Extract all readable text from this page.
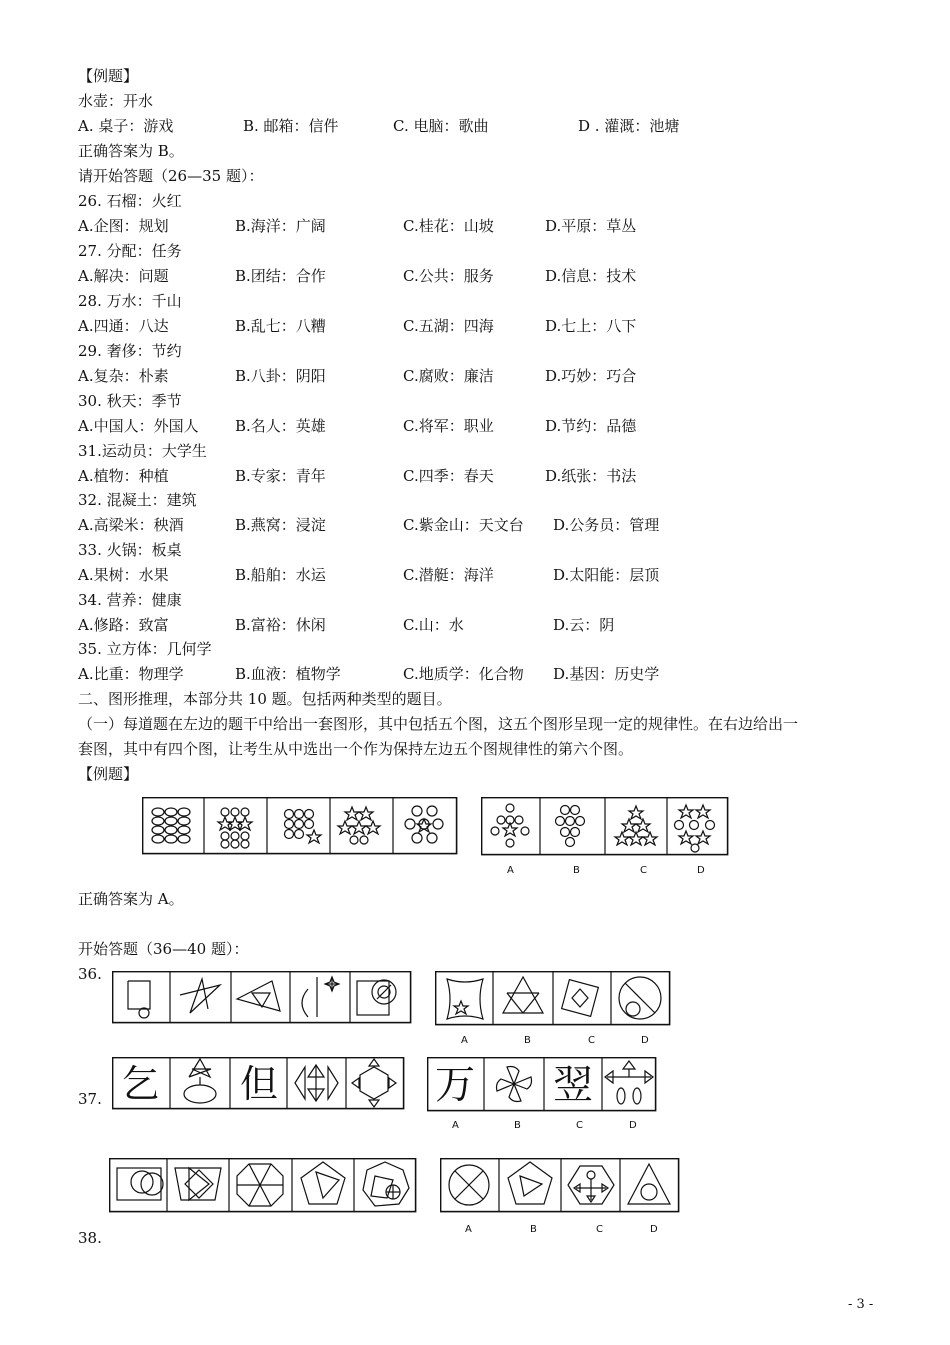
【例题】
水壶：开水
A. 桌子：游戏	B. 邮箱：信件	C. 电脑：歌曲	D . 灌溉：池塘
正确答案为 B。
请开始答题（26—35 题）：
26. 石榴：火红
A.企图：规划	B.海洋：广阔	C.桂花：山坡	D.平原：草丛
27. 分配：任务
A.解决：问题	B.团结：合作	C.公共：服务	D.信息：技术
28. 万水：千山
A.四通：八达	B.乱七：八糟	C.五湖：四海	D.七上：八下
29. 奢侈：节约
A.复杂：朴素	B.八卦：阴阳	C.腐败：廉洁	D.巧妙：巧合
30. 秋天：季节
A.中国人：外国人 B.名人：英雄	C.将军：职业	D.节约：品德
31.运动员：大学生
A.植物：种植	B.专家：青年	C.四季：春天	D.纸张：书法
32. 混凝土：建筑
A.高梁米：秧酒	B.燕窝：浸淀	C.紫金山：天文台 D.公务员：管理
33. 火锅：板桌
A.果树：水果	B.船舶：水运	C.潜艇：海洋	D.太阳能：层顶
34. 营养：健康
A.修路：致富	B.富裕：休闲	C.山：水	D.云：阴
35. 立方体：几何学
A.比重：物理学	B.血液：植物学	C.地质学：化合物 D.基因：历史学
二、图形推理，本部分共 10 题。包括两种类型的题目。
（一）每道题在左边的题干中给出一套图形，其中包括五个图，这五个图形呈现一定的规律性。在右边给出一
套图，其中有四个图，让考生从中选出一个作为保持左边五个图规律性的第六个图。
【例题】
A	B	C	D
正确答案为 A。
开始答题（36—40 题）：
36.
A	B	C	D
37. 乞 但	万 翌
A	B	C	D
A	B	C	D
38.
- 3 -
